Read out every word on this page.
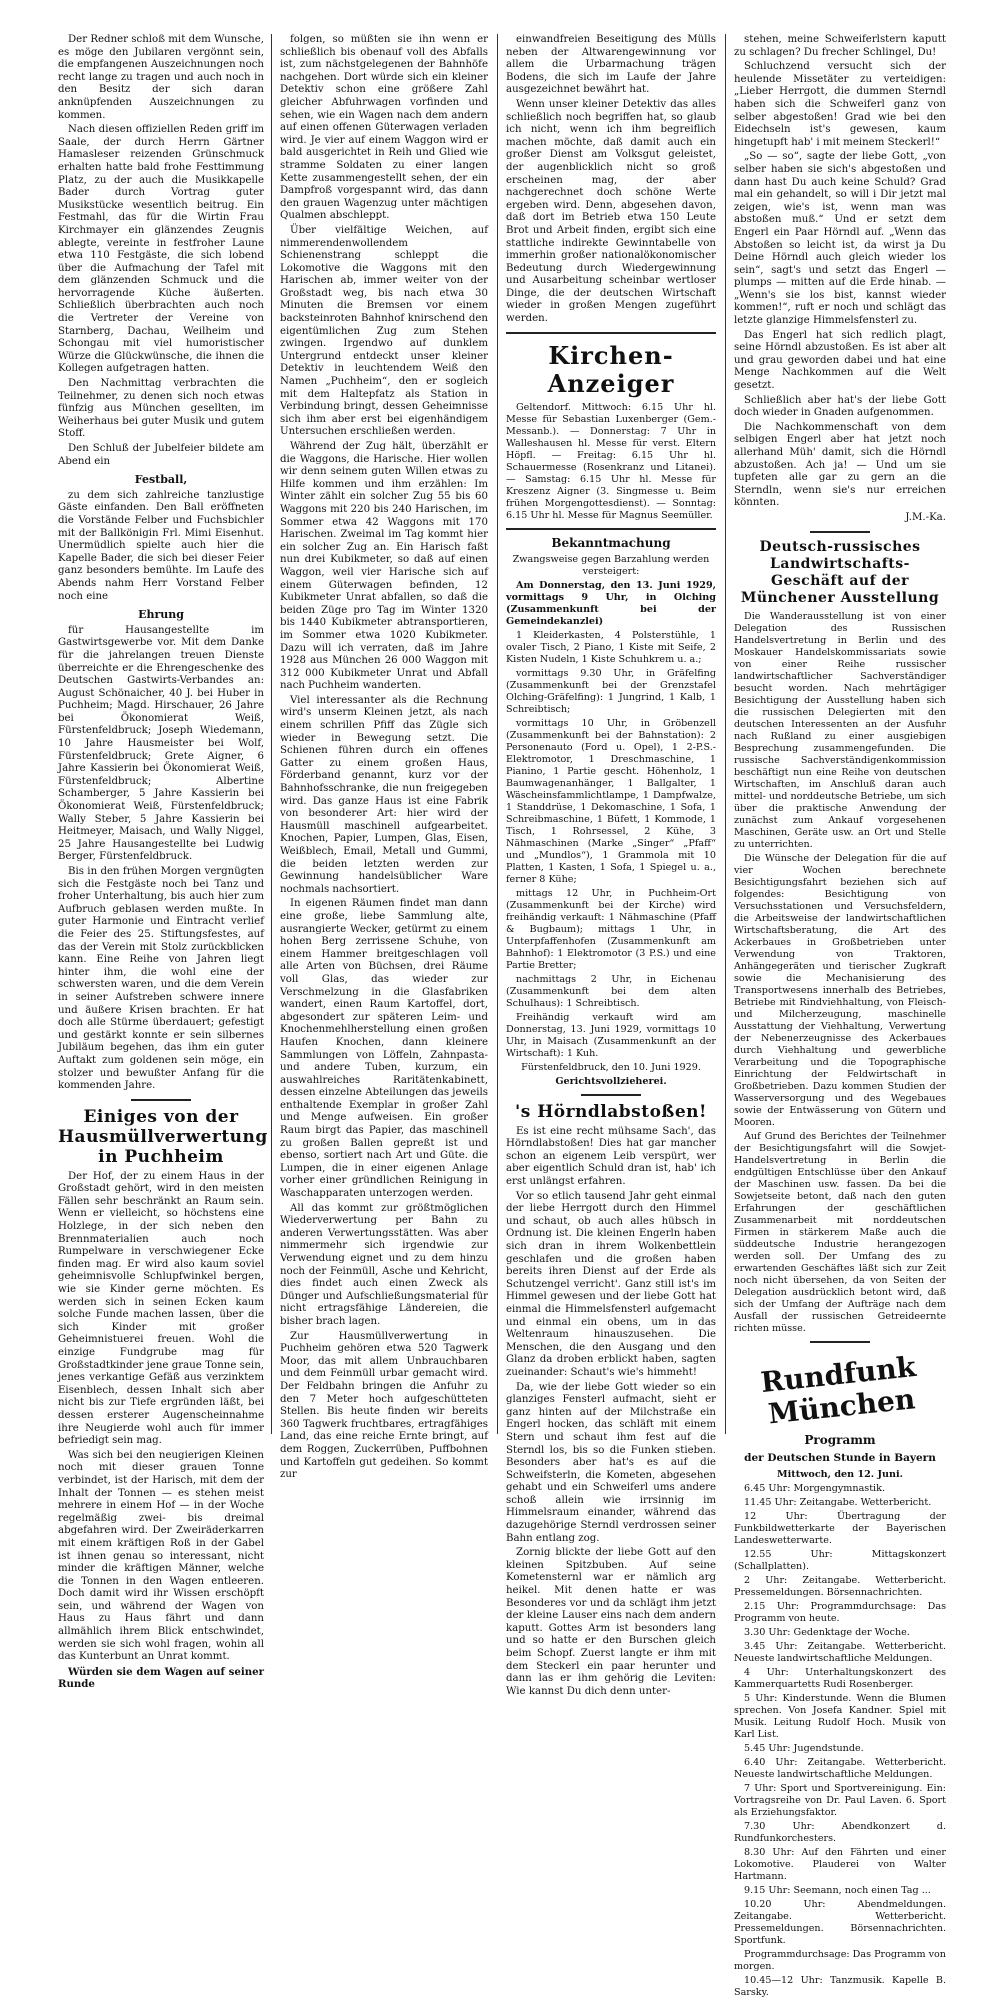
Der Redner schloß mit dem Wunsche, es möge den Jubilaren vergönnt sein, die empfangenen Auszeichnungen noch recht lange zu tragen und auch noch in den Besitz der sich daran anknüpfenden Auszeichnungen zu kommen.

Nach diesen offiziellen Reden griff im Saale, der durch Herrn Gärtner Hamasleser reizenden Grünschmuck erhalten hatte bald frohe Festtimmung Platz, zu der auch die Musikkapelle Bader durch Vortrag guter Musikstücke wesentlich beitrug. Ein Festmahl, das für die Wirtin Frau Kirchmayer ein glänzendes Zeugnis ablegte, vereinte in festfroher Laune etwa 110 Festgäste, die sich lobend über die Aufmachung der Tafel mit dem glänzenden Schmuck und die hervorragende Küche äußerten. Schließlich überbrachten auch noch die Vertreter der Vereine von Starnberg, Dachau, Weilheim und Schongau mit viel humoristischer Würze die Glückwünsche, die ihnen die Kollegen aufgetragen hatten.

Den Nachmittag verbrachten die Teilnehmer, zu denen sich noch etwas fünfzig aus München gesellten, im Weiherhaus bei guter Musik und gutem Stoff.

Den Schluß der Jubelfeier bildete am Abend ein

Festball,

zu dem sich zahlreiche tanzlustige Gäste einfanden. Den Ball eröffneten die Vorstände Felber und Fuchsbichler mit der Ballkönigin Frl. Mimi Eisenhut. Unermüdlich spielte auch hier die Kapelle Bader, die sich bei dieser Feier ganz besonders bemühte. Im Laufe des Abends nahm Herr Vorstand Felber noch eine

Ehrung

für Hausangestellte im Gastwirtsgewerbe vor. Mit dem Danke für die jahrelangen treuen Dienste überreichte er die Ehrengeschenke des Deutschen Gastwirts-Verbandes an: August Schönaicher, 40 J. bei Huber in Puchheim; Magd. Hirschauer, 26 Jahre bei Ökonomierat Weiß, Fürstenfeldbruck; Joseph Wiedemann, 10 Jahre Hausmeister bei Wolf, Fürstenfeldbruck; Grete Aigner, 6 Jahre Kassierin bei Ökonomierat Weiß, Fürstenfeldbruck; Albertine Schamberger, 5 Jahre Kassierin bei Ökonomierat Weiß, Fürstenfeldbruck; Wally Steber, 5 Jahre Kassierin bei Heitmeyer, Maisach, und Wally Niggel, 25 Jahre Hausangestellte bei Ludwig Berger, Fürstenfeldbruck.

Bis in den frühen Morgen vergnügten sich die Festgäste noch bei Tanz und froher Unterhaltung, bis auch hier zum Aufbruch geblasen werden mußte. In guter Harmonie und Eintracht verlief die Feier des 25. Stiftungsfestes, auf das der Verein mit Stolz zurückblicken kann. Eine Reihe von Jahren liegt hinter ihm, die wohl eine der schwersten waren, und die dem Verein in seiner Aufstreben schwere innere und äußere Krisen brachten. Er hat doch alle Stürme überdauert; gefestigt und gestärkt konnte er sein silbernes Jubiläum begehen, das ihm ein guter Auftakt zum goldenen sein möge, ein stolzer und bewußter Anfang für die kommenden Jahre.

Einiges von der Hausmüllverwertung in Puchheim

Der Hof, der zu einem Haus in der Großstadt gehört, wird in den meisten Fällen sehr beschränkt an Raum sein. Wenn er vielleicht, so höchstens eine Holzlege, in der sich neben den Brennmaterialien auch noch Rumpelware in verschwiegener Ecke finden mag. Er wird also kaum soviel geheimnisvolle Schlupfwinkel bergen, wie sie Kinder gerne möchten. Es werden sich in seinen Ecken kaum solche Funde machen lassen, über die sich Kinder mit großer Geheimnistuerei freuen. Wohl die einzige Fundgrube mag für Großstadtkinder jene graue Tonne sein, jenes verkantige Gefäß aus verzinktem Eisenblech, dessen Inhalt sich aber nicht bis zur Tiefe ergründen läßt, bei dessen ersterer Augenscheinnahme ihre Neugierde wohl auch für immer befriedigt sein mag.

Was sich bei den neugierigen Kleinen noch mit dieser grauen Tonne verbindet, ist der Harisch, mit dem der Inhalt der Tonnen — es stehen meist mehrere in einem Hof — in der Woche regelmäßig zwei- bis dreimal abgefahren wird. Der Zweiräderkarren mit einem kräftigen Roß in der Gabel ist ihnen genau so interessant, nicht minder die kräftigen Männer, welche die Tonnen in den Wagen entleeren. Doch damit wird ihr Wissen erschöpft sein, und während der Wagen von Haus zu Haus fährt und dann allmählich ihrem Blick entschwindet, werden sie sich wohl fragen, wohin all das Kunterbunt an Unrat kommt.

Würden sie dem Wagen auf seiner Runde

folgen, so müßten sie ihn wenn er schließlich bis obenauf voll des Abfalls ist, zum nächstgelegenen der Bahnhöfe nachgehen. Dort würde sich ein kleiner Detektiv schon eine größere Zahl gleicher Abfuhrwagen vorfinden und sehen, wie ein Wagen nach dem andern auf einen offenen Güterwagen verladen wird. Je vier auf einem Waggon wird er bald ausgerichtet in Reih und Glied wie stramme Soldaten zu einer langen Kette zusammengestellt sehen, der ein Dampfroß vorgespannt wird, das dann den grauen Wagenzug unter mächtigen Qualmen abschleppt.

Über vielfältige Weichen, auf nimmerendenwollendem Schienenstrang schleppt die Lokomotive die Waggons mit den Harischen ab, immer weiter von der Großstadt weg, bis nach etwa 30 Minuten die Bremsen vor einem backsteinroten Bahnhof knirschend den eigentümlichen Zug zum Stehen zwingen. Irgendwo auf dunklem Untergrund entdeckt unser kleiner Detektiv in leuchtendem Weiß den Namen „Puchheim“, den er sogleich mit dem Haltepfatz als Station in Verbindung bringt, dessen Geheimnisse sich ihm aber erst bei eigenhändigem Untersuchen erschließen werden.

Während der Zug hält, überzählt er die Waggons, die Harische. Hier wollen wir denn seinem guten Willen etwas zu Hilfe kommen und ihm erzählen: Im Winter zählt ein solcher Zug 55 bis 60 Waggons mit 220 bis 240 Harischen, im Sommer etwa 42 Waggons mit 170 Harischen. Zweimal im Tag kommt hier ein solcher Zug an. Ein Harisch faßt nun drei Kubikmeter, so daß auf einen Waggon, weil vier Harische sich auf einem Güterwagen befinden, 12 Kubikmeter Unrat abfallen, so daß die beiden Züge pro Tag im Winter 1320 bis 1440 Kubikmeter abtransportieren, im Sommer etwa 1020 Kubikmeter. Dazu will ich verraten, daß im Jahre 1928 aus München 26 000 Waggon mit 312 000 Kubikmeter Unrat und Abfall nach Puchheim wanderten.

Viel interessanter als die Rechnung wird's unserm Kleinen jetzt, als nach einem schrillen Pfiff das Zügle sich wieder in Bewegung setzt. Die Schienen führen durch ein offenes Gatter zu einem großen Haus, Förderband genannt, kurz vor der Bahnhofsschranke, die nun freigegeben wird. Das ganze Haus ist eine Fabrik von besonderer Art: hier wird der Hausmüll maschinell aufgearbeitet. Knochen, Papier, Lumpen, Glas, Eisen, Weißblech, Email, Metall und Gummi, die beiden letzten werden zur Gewinnung handelsüblicher Ware nochmals nachsortiert.

In eigenen Räumen findet man dann eine große, liebe Sammlung alte, ausrangierte Wecker, getürmt zu einem hohen Berg zerrissene Schuhe, von einem Hammer breitgeschlagen voll alle Arten von Büchsen, drei Räume voll Glas, das wieder zur Verschmelzung in die Glasfabriken wandert, einen Raum Kartoffel, dort, abgesondert zur späteren Leim- und Knochenmehlherstellung einen großen Haufen Knochen, dann kleinere Sammlungen von Löffeln, Zahnpasta- und andere Tuben, kurzum, ein auswahlreiches Raritätenkabinett, dessen einzelne Abteilungen das jeweils enthaltende Exemplar in großer Zahl und Menge aufweisen. Ein großer Raum birgt das Papier, das maschinell zu großen Ballen gepreßt ist und ebenso, sortiert nach Art und Güte. die Lumpen, die in einer eigenen Anlage vorher einer gründlichen Reinigung in Waschapparaten unterzogen werden.

All das kommt zur größtmöglichen Wiederverwertung per Bahn zu anderen Verwertungsstätten. Was aber nimmermehr sich irgendwie zur Verwendung eignet und zu dem hinzu noch der Feinmüll, Asche und Kehricht, dies findet auch einen Zweck als Dünger und Aufschließungsmaterial für nicht ertragsfähige Ländereien, die bisher brach lagen.

Zur Hausmüllverwertung in Puchheim gehören etwa 520 Tagwerk Moor, das mit allem Unbrauchbaren und dem Feinmüll urbar gemacht wird. Der Feldbahn bringen die Anfuhr zu den 7 Meter hoch aufgeschütteten Stellen. Bis heute finden wir bereits 360 Tagwerk fruchtbares, ertragfähiges Land, das eine reiche Ernte bringt, auf dem Roggen, Zuckerrüben, Puffbohnen und Kartoffeln gut gedeihen. So kommt zur

einwandfreien Beseitigung des Mülls neben der Altwarengewinnung vor allem die Urbarmachung trägen Bodens, die sich im Laufe der Jahre ausgezeichnet bewährt hat.

Wenn unser kleiner Detektiv das alles schließlich noch begriffen hat, so glaub ich nicht, wenn ich ihm begreiflich machen möchte, daß damit auch ein großer Dienst am Volksgut geleistet, der augenblicklich nicht so groß erscheinen mag, der aber nachgerechnet doch schöne Werte ergeben wird. Denn, abgesehen davon, daß dort im Betrieb etwa 150 Leute Brot und Arbeit finden, ergibt sich eine stattliche indirekte Gewinntabelle von immerhin großer nationalökonomischer Bedeutung durch Wiedergewinnung und Ausarbeitung scheinbar wertloser Dinge, die der deutschen Wirtschaft wieder in großen Mengen zugeführt werden.

Kirchen-Anzeiger

Geltendorf. Mittwoch: 6.15 Uhr hl. Messe für Sebastian Luxenberger (Gem.-Messanb.). — Donnerstag: 7 Uhr in Walleshausen hl. Messe für verst. Eltern Höpfl. — Freitag: 6.15 Uhr hl. Schauermesse (Rosenkranz und Litanei). — Samstag: 6.15 Uhr hl. Messe für Kreszenz Aigner (3. Singmesse u. Beim frühen Morgengottesdienst). — Sonntag: 6.15 Uhr hl. Messe für Magnus Seemüller.

Bekanntmachung

Zwangsweise gegen Barzahlung werden versteigert:

Am Donnerstag, den 13. Juni 1929, vormittags 9 Uhr, in Olching (Zusammenkunft bei der Gemeindekanzlei)

1 Kleiderkasten, 4 Polsterstühle, 1 ovaler Tisch, 2 Piano, 1 Kiste mit Seife, 2 Kisten Nudeln, 1 Kiste Schuhkrem u. a.;

vormittags 9.30 Uhr, in Gräfelfing (Zusammenkunft bei der Grenzstafel Olching-Gräfelfing): 1 Jungrind, 1 Kalb, 1 Schreibtisch;

vormittags 10 Uhr, in Gröbenzell (Zusammenkunft bei der Bahnstation): 2 Personenauto (Ford u. Opel), 1 2-P.S.-Elektromotor, 1 Dreschmaschine, 1 Pianino, 1 Partie gescht. Höhenholz, 1 Baumwagenanhänger, 1 Ballgalter, 1 Wäscheinsfammlichtlampe, 1 Dampfwalze, 1 Standdrüse, 1 Dekomaschine, 1 Sofa, 1 Schreibmaschine, 1 Büfett, 1 Kommode, 1 Tisch, 1 Rohrsessel, 2 Kühe, 3 Nähmaschinen (Marke „Singer“ „Pfaff“ und „Mundlos“), 1 Grammola mit 10 Platten, 1 Kasten, 1 Sofa, 1 Spiegel u. a., ferner 8 Kühe;

mittags 12 Uhr, in Puchheim-Ort (Zusammenkunft bei der Kirche) wird freihändig verkauft: 1 Nähmaschine (Pfaff & Bugbaum); mittags 1 Uhr, in Unterpfaffenhofen (Zusammenkunft am Bahnhof): 1 Elektromotor (3 P.S.) und eine Partie Bretter;

nachmittags 2 Uhr, in Eichenau (Zusammenkunft bei dem alten Schulhaus): 1 Schreibtisch.

Freihändig verkauft wird am Donnerstag, 13. Juni 1929, vormittags 10 Uhr, in Maisach (Zusammenkunft an der Wirtschaft): 1 Kuh.

Fürstenfeldbruck, den 10. Juni 1929.

Gerichtsvollzieherei.

's Hörndlabstoßen!

Es ist eine recht mühsame Sach', das Hörndlabstoßen! Dies hat gar mancher schon an eigenem Leib verspürt, wer aber eigentlich Schuld dran ist, hab' ich erst unlängst erfahren.

Vor so etlich tausend Jahr geht einmal der liebe Herrgott durch den Himmel und schaut, ob auch alles hübsch in Ordnung ist. Die kleinen Engerln haben sich dran in ihrem Wolkenbettlein geschlafen und die großen haben bereits ihren Dienst auf der Erde als Schutzengel verricht'. Ganz still ist's im Himmel gewesen und der liebe Gott hat einmal die Himmelsfensterl aufgemacht und einmal ein obens, um in das Weltenraum hinauszusehen. Die Menschen, die den Ausgang und den Glanz da droben erblickt haben, sagten zueinander: Schaut's wie's himmeht!

Da, wie der liebe Gott wieder so ein glanziges Fensterl aufmacht, sieht er ganz hinten auf der Milchstraße ein Engerl hocken, das schläft mit einem Stern und schaut ihm fest auf die Sterndl los, bis so die Funken stieben. Besonders aber hat's es auf die Schweifsterln, die Kometen, abgesehen gehabt und ein Schweiferl ums andere schoß allein wie irrsinnig im Himmelsraum einander, während das dazugehörige Sterndl verdrossen seiner Bahn entlang zog.

Zornig blickte der liebe Gott auf den kleinen Spitzbuben. Auf seine Kometensternl war er nämlich arg heikel. Mit denen hatte er was Besonderes vor und da schlägt ihm jetzt der kleine Lauser eins nach dem andern kaputt. Gottes Arm ist besonders lang und so hatte er den Burschen gleich beim Schopf. Zuerst langte er ihm mit dem Steckerl ein paar herunter und dann las er ihm gehörig die Leviten: Wie kannst Du dich denn unter-

stehen, meine Schweiferlstern kaputt zu schlagen? Du frecher Schlingel, Du!

Schluchzend versucht sich der heulende Missetäter zu verteidigen: „Lieber Herrgott, die dummen Sterndl haben sich die Schweiferl ganz von selber abgestoßen! Grad wie bei den Eidechseln ist's gewesen, kaum hingetupft hab' i mit meinem Steckerl!“

„So — so“, sagte der liebe Gott, „von selber haben sie sich's abgestoßen und dann hast Du auch keine Schuld? Grad mal ein gehandelt, so will i Dir jetzt mal zeigen, wie's ist, wenn man was abstoßen muß.“ Und er setzt dem Engerl ein Paar Hörndl auf. „Wenn das Abstoßen so leicht ist, da wirst ja Du Deine Hörndl auch gleich wieder los sein“, sagt's und setzt das Engerl — plumps — mitten auf die Erde hinab. — „Wenn's sie los bist, kannst wieder kommen!“, ruft er noch und schlägt das letzte glanzige Himmelsfensterl zu.

Das Engerl hat sich redlich plagt, seine Hörndl abzustoßen. Es ist aber alt und grau geworden dabei und hat eine Menge Nachkommen auf die Welt gesetzt.

Schließlich aber hat's der liebe Gott doch wieder in Gnaden aufgenommen.

Die Nachkommenschaft von dem selbigen Engerl aber hat jetzt noch allerhand Müh' damit, sich die Hörndl abzustoßen. Ach ja! — Und um sie tupfeten alle gar zu gern an die Sterndln, wenn sie's nur erreichen könnten.

J.M.-Ka.

Deutsch-russisches Landwirtschafts-Geschäft auf der Münchener Ausstellung

Die Wanderausstellung ist von einer Delegation des Russischen Handelsvertretung in Berlin und des Moskauer Handelskommissariats sowie von einer Reihe russischer landwirtschaftlicher Sachverständiger besucht worden. Nach mehrtägiger Besichtigung der Ausstellung haben sich die russischen Delegierten mit den deutschen Interessenten an der Ausfuhr nach Rußland zu einer ausgiebigen Besprechung zusammengefunden. Die russische Sachverständigenkommission beschäftigt nun eine Reihe von deutschen Wirtschaften, im Anschluß daran auch mittel- und norddeutsche Betriebe, um sich über die praktische Anwendung der zunächst zum Ankauf vorgesehenen Maschinen, Geräte usw. an Ort und Stelle zu unterrichten.

Die Wünsche der Delegation für die auf vier Wochen berechnete Besichtigungsfahrt beziehen sich auf folgendes: Besichtigung von Versuchsstationen und Versuchsfeldern, die Arbeitsweise der landwirtschaftlichen Wirtschaftsberatung, die Art des Ackerbaues in Großbetrieben unter Verwendung von Traktoren, Anhängegeräten und tierischer Zugkraft sowie die Mechanisierung des Transportwesens innerhalb des Betriebes, Betriebe mit Rindviehhaltung, von Fleisch- und Milcherzeugung, maschinelle Ausstattung der Viehhaltung, Verwertung der Nebenerzeugnisse des Ackerbaues durch Viehhaltung und gewerbliche Verarbeitung und die Topographische Einrichtung der Feldwirtschaft in Großbetrieben. Dazu kommen Studien der Wasserversorgung und des Wegebaues sowie der Entwässerung von Gütern und Mooren.

Auf Grund des Berichtes der Teilnehmer der Besichtigungsfahrt will die Sowjet-Handelsvertretung in Berlin die endgültigen Entschlüsse über den Ankauf der Maschinen usw. fassen. Da bei die Sowjetseite betont, daß nach den guten Erfahrungen der geschäftlichen Zusammenarbeit mit norddeutschen Firmen in stärkerem Maße auch die süddeutsche Industrie herangezogen werden soll. Der Umfang des zu erwartenden Geschäftes läßt sich zur Zeit noch nicht übersehen, da von Seiten der Delegation ausdrücklich betont wird, daß sich der Umfang der Aufträge nach dem Ausfall der russischen Getreideernte richten müsse.

Rundfunk München
Programm
der Deutschen Stunde in Bayern

Mittwoch, den 12. Juni.

6.45 Uhr: Morgengymnastik.

11.45 Uhr: Zeitangabe. Wetterbericht.

12 Uhr: Übertragung der Funkbildwetterkarte der Bayerischen Landeswetterwarte.

12.55 Uhr: Mittagskonzert (Schallplatten).

2 Uhr: Zeitangabe. Wetterbericht. Pressemeldungen. Börsennachrichten.

2.15 Uhr: Programmdurchsage: Das Programm von heute.

3.30 Uhr: Gedenktage der Woche.

3.45 Uhr: Zeitangabe. Wetterbericht. Neueste landwirtschaftliche Meldungen.

4 Uhr: Unterhaltungskonzert des Kammerquartetts Rudi Rosenberger.

5 Uhr: Kinderstunde. Wenn die Blumen sprechen. Von Josefa Kandner. Spiel mit Musik. Leitung Rudolf Hoch. Musik von Karl List.

5.45 Uhr: Jugendstunde.

6.40 Uhr: Zeitangabe. Wetterbericht. Neueste landwirtschaftliche Meldungen.

7 Uhr: Sport und Sportvereinigung. Ein: Vortragsreihe von Dr. Paul Laven. 6. Sport als Erziehungsfaktor.

7.30 Uhr: Abendkonzert d. Rundfunkorchesters.

8.30 Uhr: Auf den Fährten und einer Lokomotive. Plauderei von Walter Hartmann.

9.15 Uhr: Seemann, noch einen Tag ...

10.20 Uhr: Abendmeldungen. Zeitangabe. Wetterbericht. Pressemeldungen. Börsennachrichten. Sportfunk.

Programmdurchsage: Das Programm von morgen.

10.45—12 Uhr: Tanzmusik. Kapelle B. Sarsky.
